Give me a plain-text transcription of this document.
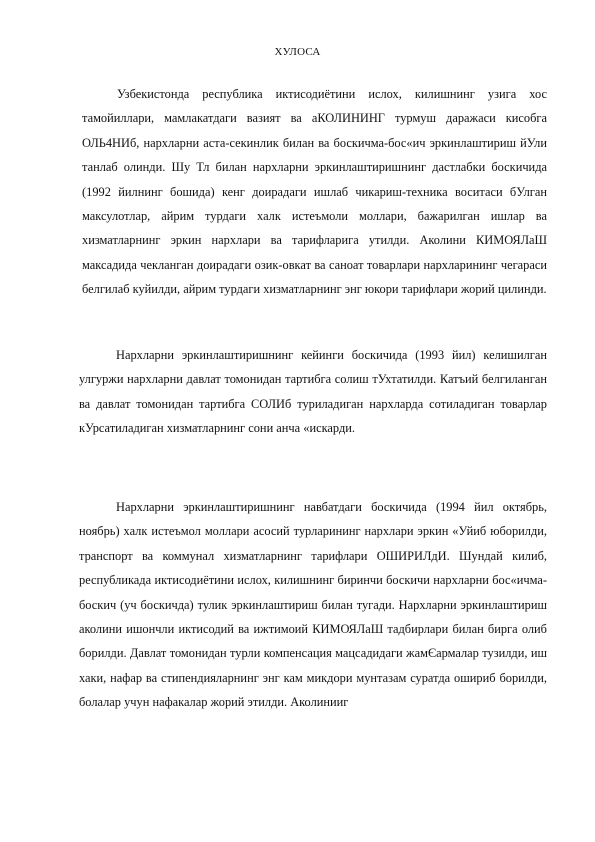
ХУЛОСА

Узбекистонда республика иктисодиётини ислох, килишнинг узига хос тамойиллари, мамлакатдаги вазият ва аКОЛИНИНГ турмуш даражаси кисобга ОЛЬ4НИб, нархларни аста-секинлик билан ва боскичма-бос«ич эркинлаштириш йУли танлаб олинди. Шу Тл билан нархларни эркинлаштиришнинг дастлабки боскичида (1992 йилнинг бошида) кенг доирадаги ишлаб чикариш-техника воситаси бУлган максулотлар, айрим турдаги халк истеъмоли моллари, бажарилган ишлар ва хизматларнинг эркин нархлари ва тарифларига утилди. Аколини КИМОЯЛаШ максадида чекланган доирадаги озик-овкат ва саноат товарлари нархларининг чегараси белгилаб куйилди, айрим турдаги хизматларнинг энг юкори тарифлари жорий цилинди.

Нархларни эркинлаштиришнинг кейинги боскичида (1993 йил) келишилган улгуржи нархларни давлат томонидан тартибга солиш тУхтатилди. Катъий белгиланган ва давлат томонидан тартибга СОЛИб туриладиган нархларда сотиладиган товарлар кУрсатиладиган хизматларнинг сони анча «искарди.

Нархларни эркинлаштиришнинг навбатдаги боскичида (1994 йил октябрь, ноябрь) халк истеъмол моллари асосий турларининг нархлари эркин «Уйиб юборилди, транспорт ва коммунал хизматларнинг тарифлари ОШИРИЛдИ. Шундай килиб, республикада иктисодиётини ислох, килишнинг биринчи боскичи нархларни бос«ичма-боскич (уч боскичда) тулик эркинлаштириш билан тугади. Нархларни эркинлаштириш аколини ишончли иктисодий ва ижтимоий КИМОЯЛаШ тадбирлари билан бирга олиб борилди. Давлат томонидан турли компенсация мацсадидаги жамЄармалар тузилди, иш хаки, нафар ва стипендияларнинг энг кам микдори мунтазам суратда ошириб борилди, болалар учун нафакалар жорий этилди. Аколинииг
